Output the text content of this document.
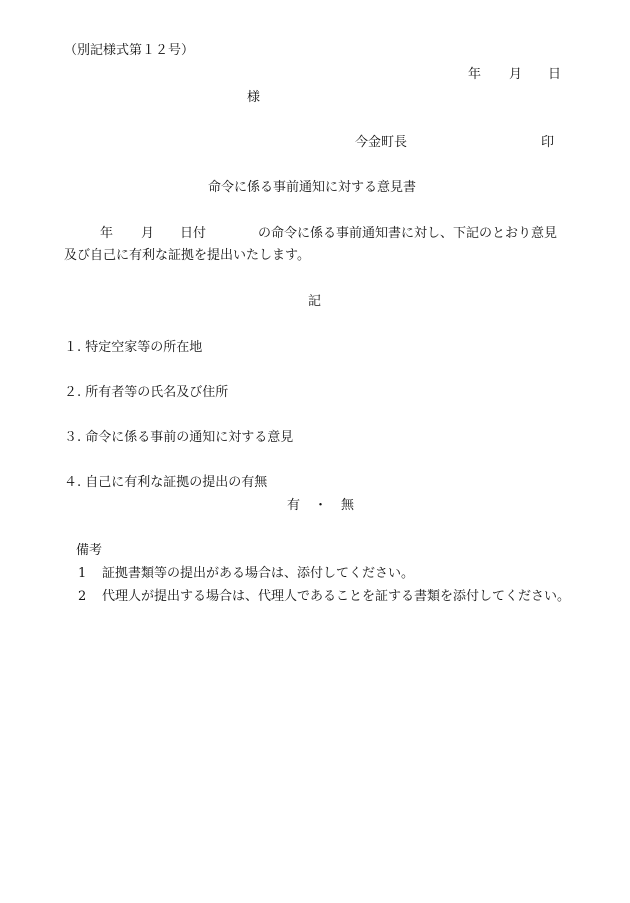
（別記様式第１２号）
年 月 日
様
今金町長	印
命令に係る事前通知に対する意見書
年 月 日付	の命令に係る事前通知書に対し、下記のとおり意見
及び自己に有利な証拠を提出いたします。
記
１. 特定空家等の所在地
２. 所有者等の氏名及び住所
３. 命令に係る事前の通知に対する意見
４. 自己に有利な証拠の提出の有無
有 ・ 無
備考
1 証拠書類等の提出がある場合は、添付してください。
2 代理人が提出する場合は、代理人であることを証する書類を添付してください。
